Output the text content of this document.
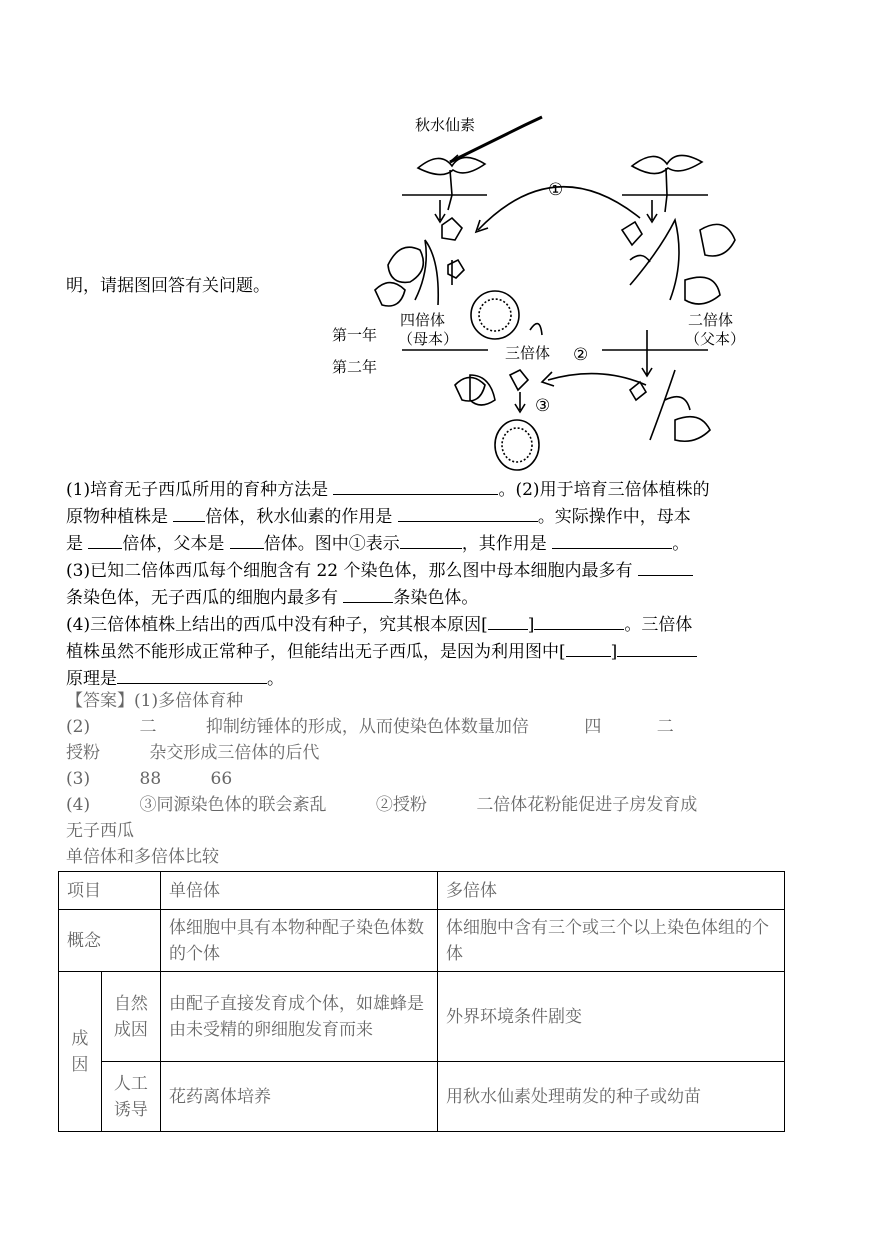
明，请据图回答有关问题。
秋水仙素
①
四倍体
（母本）
二倍体
（父本）
第一年
第二年
三倍体 ②
③
(1)培育无子西瓜所用的育种方法是	。(2)用于培育三倍体植株的
原物种植株是 倍体，秋水仙素的作用是	。实际操作中，母本
是 倍体，父本是 倍体。图中①表示	，其作用是	。
(3)已知二倍体西瓜每个细胞含有 22 个染色体，那么图中母本细胞内最多有
条染色体，无子西瓜的细胞内最多有	条染色体。
(4)三倍体植株上结出的西瓜中没有种子，究其根本原因[ ]	。三倍体
植株虽然不能形成正常种子，但能结出无子西瓜，是因为利用图中[	]
原理是	。
【答案】(1)多倍体育种
(2)	二	抑制纺锤体的形成，从而使染色体数量加倍	四	二
授粉	杂交形成三倍体的后代
(3)	88	66
(4)	③同源染色体的联会紊乱	②授粉	二倍体花粉能促进子房发育成
无子西瓜
单倍体和多倍体比较
项目		单倍体	多倍体
概念		体细胞中具有本物种配子染色体数的个体	体细胞中含有三个或三个以上染色体组的个体
成因	自然成因	由配子直接发育成个体，如雄蜂是由未受精的卵细胞发育而来	外界环境条件剧变
	人工诱导	花药离体培养	用秋水仙素处理萌发的种子或幼苗
